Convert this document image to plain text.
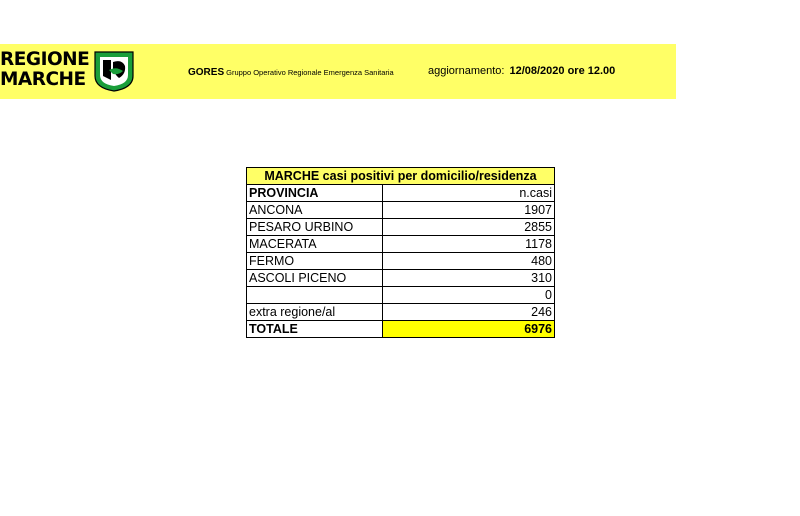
REGIONE
MARCHE	GORES Gruppo Operativo Regionale Emergenza Sanitaria	aggiornamento: 12/08/2020 ore 12.00
MARCHE casi positivi per domicilio/residenza	
PROVINCIA	n.casi
ANCONA	1907
PESARO URBINO	2855
MACERATA	1178
FERMO	480
ASCOLI PICENO	310
	0
extra regione/al	246
TOTALE	6976
